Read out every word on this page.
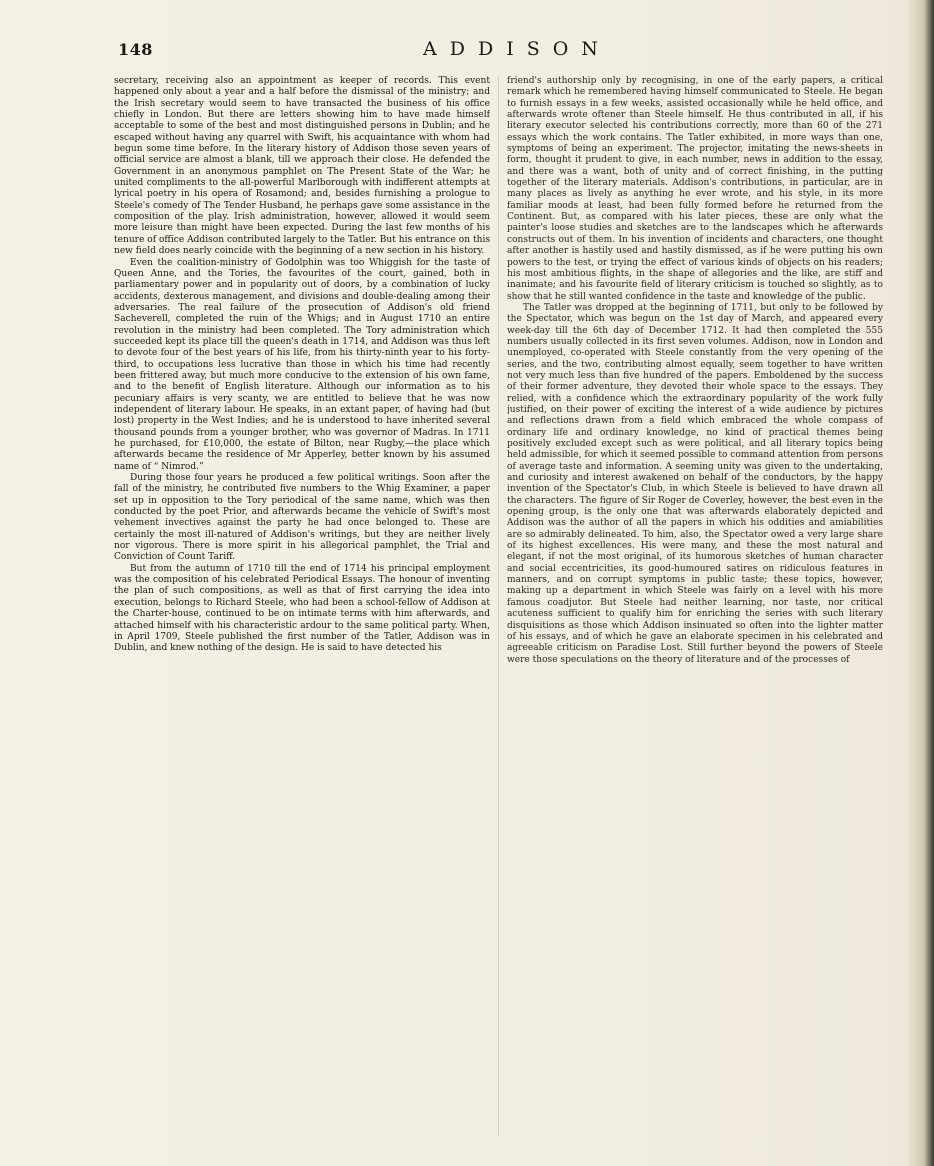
148	ADDISON

secretary, receiving also an appointment as keeper of records. This event happened only about a year and a half before the dismissal of the ministry; and the Irish secretary would seem to have transacted the business of his office chiefly in London. But there are letters showing him to have made himself acceptable to some of the best and most distinguished persons in Dublin; and he escaped without having any quarrel with Swift, his acquaintance with whom had begun some time before. In the literary history of Addison those seven years of official service are almost a blank, till we approach their close. He defended the Government in an anonymous pamphlet on The Present State of the War; he united compliments to the all-powerful Marlborough with indifferent attempts at lyrical poetry in his opera of Rosamond; and, besides furnishing a prologue to Steele's comedy of The Tender Husband, he perhaps gave some assistance in the composition of the play. Irish administration, however, allowed it would seem more leisure than might have been expected. During the last few months of his tenure of office Addison contributed largely to the Tatler. But his entrance on this new field does nearly coincide with the beginning of a new section in his history.

Even the coalition-ministry of Godolphin was too Whiggish for the taste of Queen Anne, and the Tories, the favourites of the court, gained, both in parliamentary power and in popularity out of doors, by a combination of lucky accidents, dexterous management, and divisions and double-dealing among their adversaries. The real failure of the prosecution of Addison's old friend Sacheverell, completed the ruin of the Whigs; and in August 1710 an entire revolution in the ministry had been completed. The Tory administration which succeeded kept its place till the queen's death in 1714, and Addison was thus left to devote four of the best years of his life, from his thirty-ninth year to his forty-third, to occupations less lucrative than those in which his time had recently been frittered away, but much more conducive to the extension of his own fame, and to the benefit of English literature. Although our information as to his pecuniary affairs is very scanty, we are entitled to believe that he was now independent of literary labour. He speaks, in an extant paper, of having had (but lost) property in the West Indies; and he is understood to have inherited several thousand pounds from a younger brother, who was governor of Madras. In 1711 he purchased, for £10,000, the estate of Bilton, near Rugby,—the place which afterwards became the residence of Mr Apperley, better known by his assumed name of “ Nimrod.”

During those four years he produced a few political writings. Soon after the fall of the ministry, he contributed five numbers to the Whig Examiner, a paper set up in opposition to the Tory periodical of the same name, which was then conducted by the poet Prior, and afterwards became the vehicle of Swift's most vehement invectives against the party he had once belonged to. These are certainly the most ill-natured of Addison's writings, but they are neither lively nor vigorous. There is more spirit in his allegorical pamphlet, the Trial and Conviction of Count Tariff.

But from the autumn of 1710 till the end of 1714 his principal employment was the composition of his celebrated Periodical Essays. The honour of inventing the plan of such compositions, as well as that of first carrying the idea into execution, belongs to Richard Steele, who had been a school-fellow of Addison at the Charter-house, continued to be on intimate terms with him afterwards, and attached himself with his characteristic ardour to the same political party. When, in April 1709, Steele published the first number of the Tatler, Addison was in Dublin, and knew nothing of the design. He is said to have detected his

friend's authorship only by recognising, in one of the early papers, a critical remark which he remembered having himself communicated to Steele. He began to furnish essays in a few weeks, assisted occasionally while he held office, and afterwards wrote oftener than Steele himself. He thus contributed in all, if his literary executor selected his contributions correctly, more than 60 of the 271 essays which the work contains. The Tatler exhibited, in more ways than one, symptoms of being an experiment. The projector, imitating the news-sheets in form, thought it prudent to give, in each number, news in addition to the essay, and there was a want, both of unity and of correct finishing, in the putting together of the literary materials. Addison's contributions, in particular, are in many places as lively as anything he ever wrote, and his style, in its more familiar moods at least, had been fully formed before he returned from the Continent. But, as compared with his later pieces, these are only what the painter's loose studies and sketches are to the landscapes which he afterwards constructs out of them. In his invention of incidents and characters, one thought after another is hastily used and hastily dismissed, as if he were putting his own powers to the test, or trying the effect of various kinds of objects on his readers; his most ambitious flights, in the shape of allegories and the like, are stiff and inanimate; and his favourite field of literary criticism is touched so slightly, as to show that he still wanted confidence in the taste and knowledge of the public.

The Tatler was dropped at the beginning of 1711, but only to be followed by the Spectator, which was begun on the 1st day of March, and appeared every week-day till the 6th day of December 1712. It had then completed the 555 numbers usually collected in its first seven volumes. Addison, now in London and unemployed, co-operated with Steele constantly from the very opening of the series, and the two, contributing almost equally, seem together to have written not very much less than five hundred of the papers. Emboldened by the success of their former adventure, they devoted their whole space to the essays. They relied, with a confidence which the extraordinary popularity of the work fully justified, on their power of exciting the interest of a wide audience by pictures and reflections drawn from a field which embraced the whole compass of ordinary life and ordinary knowledge, no kind of practical themes being positively excluded except such as were political, and all literary topics being held admissible, for which it seemed possible to command attention from persons of average taste and information. A seeming unity was given to the undertaking, and curiosity and interest awakened on behalf of the conductors, by the happy invention of the Spectator's Club, in which Steele is believed to have drawn all the characters. The figure of Sir Roger de Coverley, however, the best even in the opening group, is the only one that was afterwards elaborately depicted and Addison was the author of all the papers in which his oddities and amiabilities are so admirably delineated. To him, also, the Spectator owed a very large share of its highest excellences. His were many, and these the most natural and elegant, if not the most original, of its humorous sketches of human character and social eccentricities, its good-humoured satires on ridiculous features in manners, and on corrupt symptoms in public taste; these topics, however, making up a department in which Steele was fairly on a level with his more famous coadjutor. But Steele had neither learning, nor taste, nor critical acuteness sufficient to qualify him for enriching the series with such literary disquisitions as those which Addison insinuated so often into the lighter matter of his essays, and of which he gave an elaborate specimen in his celebrated and agreeable criticism on Paradise Lost. Still further beyond the powers of Steele were those speculations on the theory of literature and of the processes of
